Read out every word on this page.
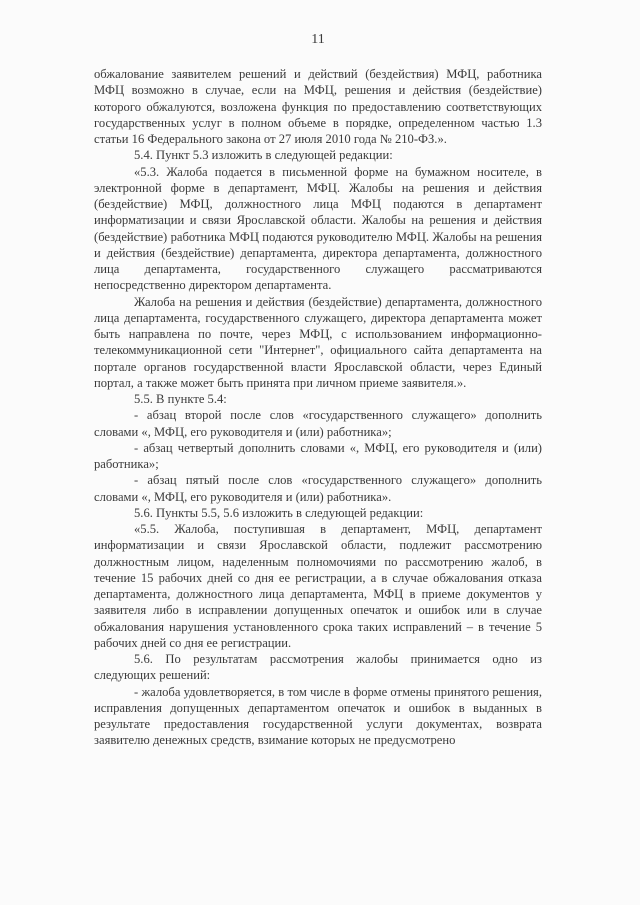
11

обжалование заявителем решений и действий (бездействия) МФЦ, работника МФЦ возможно в случае, если на МФЦ, решения и действия (бездействие) которого обжалуются, возложена функция по предоставлению соответствующих государственных услуг в полном объеме в порядке, определенном частью 1.3 статьи 16 Федерального закона от 27 июля 2010 года № 210-ФЗ.».

5.4. Пункт 5.3 изложить в следующей редакции:

«5.3. Жалоба подается в письменной форме на бумажном носителе, в электронной форме в департамент, МФЦ. Жалобы на решения и действия (бездействие) МФЦ, должностного лица МФЦ подаются в департамент информатизации и связи Ярославской области. Жалобы на решения и действия (бездействие) работника МФЦ подаются руководителю МФЦ. Жалобы на решения и действия (бездействие) департамента, директора департамента, должностного лица департамента, государственного служащего рассматриваются непосредственно директором департамента.

Жалоба на решения и действия (бездействие) департамента, должностного лица департамента, государственного служащего, директора департамента может быть направлена по почте, через МФЦ, с использованием информационно-телекоммуникационной сети "Интернет", официального сайта департамента на портале органов государственной власти Ярославской области, через Единый портал, а также может быть принята при личном приеме заявителя.».

5.5. В пункте 5.4:

- абзац второй после слов «государственного служащего» дополнить словами «, МФЦ, его руководителя и (или) работника»;

- абзац четвертый дополнить словами «, МФЦ, его руководителя и (или) работника»;

- абзац пятый после слов «государственного служащего» дополнить словами «, МФЦ, его руководителя и (или) работника».

5.6. Пункты 5.5, 5.6 изложить в следующей редакции:

«5.5. Жалоба, поступившая в департамент, МФЦ, департамент информатизации и связи Ярославской области, подлежит рассмотрению должностным лицом, наделенным полномочиями по рассмотрению жалоб, в течение 15 рабочих дней со дня ее регистрации, а в случае обжалования отказа департамента, должностного лица департамента, МФЦ в приеме документов у заявителя либо в исправлении допущенных опечаток и ошибок или в случае обжалования нарушения установленного срока таких исправлений – в течение 5 рабочих дней со дня ее регистрации.

5.6. По результатам рассмотрения жалобы принимается одно из следующих решений:

- жалоба удовлетворяется, в том числе в форме отмены принятого решения, исправления допущенных департаментом опечаток и ошибок в выданных в результате предоставления государственной услуги документах, возврата заявителю денежных средств, взимание которых не предусмотрено
